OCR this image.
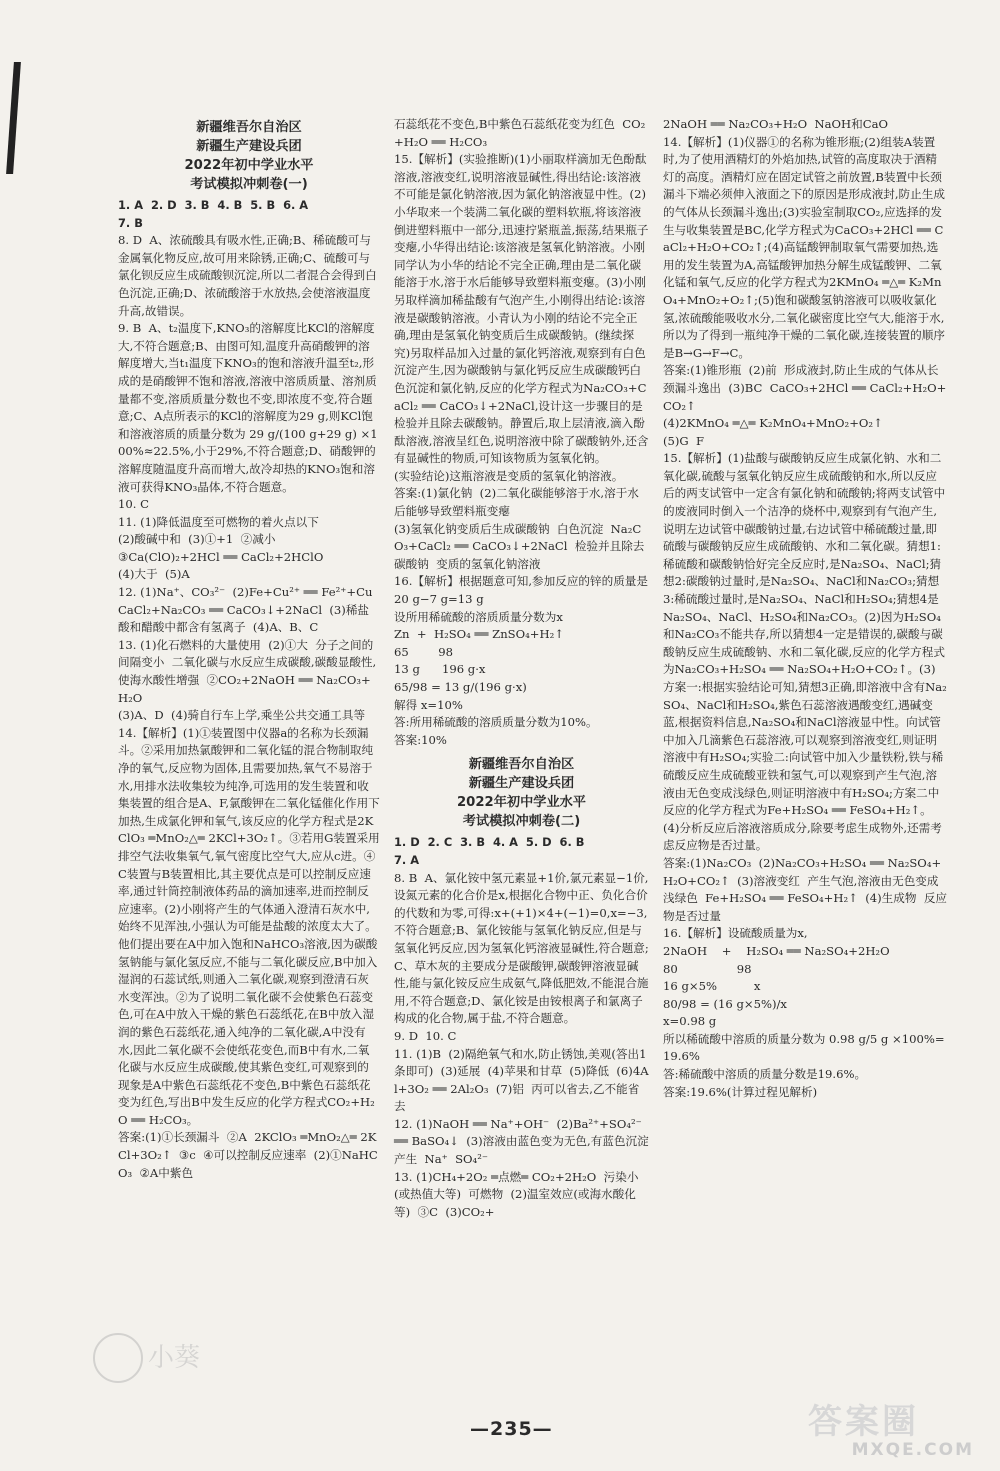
新疆维吾尔自治区
新疆生产建设兵团
2022年初中学业水平
考试模拟冲刺卷(一)

1. A  2. D  3. B  4. B  5. B  6. A
7. B

8. D  A、浓硫酸具有吸水性,正确;B、稀硫酸可与金属氧化物反应,故可用来除锈,正确;C、硫酸可与氯化钡反应生成硫酸钡沉淀,所以二者混合会得到白色沉淀,正确;D、浓硫酸溶于水放热,会使溶液温度升高,故错误。
9. B  A、t₂温度下,KNO₃的溶解度比KCl的溶解度大,不符合题意;B、由图可知,温度升高硝酸钾的溶解度增大,当t₁温度下KNO₃的饱和溶液升温至t₂,形成的是硝酸钾不饱和溶液,溶液中溶质质量、溶剂质量都不变,溶质质量分数也不变,即浓度不变,符合题意;C、A点所表示的KCl的溶解度为29 g,则KCl饱和溶液溶质的质量分数为 29 g/(100 g+29 g) ×100%≈22.5%,小于29%,不符合题意;D、硝酸钾的溶解度随温度升高而增大,故冷却热的KNO₃饱和溶液可获得KNO₃晶体,不符合题意。
10. C
11. (1)降低温度至可燃物的着火点以下
(2)酸碱中和  (3)①+1  ②减小
③Ca(ClO)₂+2HCl ══ CaCl₂+2HClO
(4)大于  (5)A
12. (1)Na⁺、CO₃²⁻  (2)Fe+Cu²⁺ ══ Fe²⁺+Cu  CaCl₂+Na₂CO₃ ══ CaCO₃↓+2NaCl  (3)稀盐酸和醋酸中都含有氢离子  (4)A、B、C
13. (1)化石燃料的大量使用  (2)①大  分子之间的间隔变小  二氧化碳与水反应生成碳酸,碳酸显酸性,使海水酸性增强  ②CO₂+2NaOH ══ Na₂CO₃+H₂O
(3)A、D  (4)骑自行车上学,乘坐公共交通工具等
14.【解析】(1)①装置图中仪器a的名称为长颈漏斗。②采用加热氯酸钾和二氧化锰的混合物制取纯净的氧气,反应物为固体,且需要加热,氧气不易溶于水,用排水法收集较为纯净,可选用的发生装置和收集装置的组合是A、F,氯酸钾在二氧化锰催化作用下加热,生成氯化钾和氧气,该反应的化学方程式是2KClO₃ ═MnO₂△═ 2KCl+3O₂↑。③若用G装置采用排空气法收集氧气,氧气密度比空气大,应从c进。④C装置与B装置相比,其主要优点是可以控制反应速率,通过针筒控制液体药品的滴加速率,进而控制反应速率。(2)小刚将产生的气体通入澄清石灰水中,始终不见浑浊,小强认为可能是盐酸的浓度太大了。他们提出要在A中加入饱和NaHCO₃溶液,因为碳酸氢钠能与氯化氢反应,不能与二氧化碳反应,B中加入湿润的石蕊试纸,则通入二氧化碳,观察到澄清石灰水变浑浊。②为了说明二氧化碳不会使紫色石蕊变色,可在A中放入干燥的紫色石蕊纸花,在B中放入湿润的紫色石蕊纸花,通入纯净的二氧化碳,A中没有水,因此二氧化碳不会使纸花变色,而B中有水,二氧化碳与水反应生成碳酸,使其紫色变红,可观察到的现象是A中紫色石蕊纸花不变色,B中紫色石蕊纸花变为红色,写出B中发生反应的化学方程式CO₂+H₂O ══ H₂CO₃。
答案:(1)①长颈漏斗  ②A  2KClO₃ ═MnO₂△═ 2KCl+3O₂↑  ③c  ④可以控制反应速率  (2)①NaHCO₃  ②A中紫色

石蕊纸花不变色,B中紫色石蕊纸花变为红色  CO₂+H₂O ══ H₂CO₃
15.【解析】(实验推断)(1)小丽取样滴加无色酚酞溶液,溶液变红,说明溶液显碱性,得出结论:该溶液不可能是氯化钠溶液,因为氯化钠溶液显中性。(2)小华取来一个装满二氧化碳的塑料软瓶,将该溶液倒进塑料瓶中一部分,迅速拧紧瓶盖,振荡,结果瓶子变瘪,小华得出结论:该溶液是氢氧化钠溶液。小刚同学认为小华的结论不完全正确,理由是二氧化碳能溶于水,溶于水后能够导致塑料瓶变瘪。(3)小刚另取样滴加稀盐酸有气泡产生,小刚得出结论:该溶液是碳酸钠溶液。小青认为小刚的结论不完全正确,理由是氢氧化钠变质后生成碳酸钠。(继续探究)另取样品加入过量的氯化钙溶液,观察到有白色沉淀产生,因为碳酸钠与氯化钙反应生成碳酸钙白色沉淀和氯化钠,反应的化学方程式为Na₂CO₃+CaCl₂ ══ CaCO₃↓+2NaCl,设计这一步骤目的是检验并且除去碳酸钠。静置后,取上层清液,滴入酚酞溶液,溶液呈红色,说明溶液中除了碳酸钠外,还含有显碱性的物质,可知该物质为氢氧化钠。
(实验结论)这瓶溶液是变质的氢氧化钠溶液。
答案:(1)氯化钠  (2)二氧化碳能够溶于水,溶于水后能够导致塑料瓶变瘪
(3)氢氧化钠变质后生成碳酸钠  白色沉淀  Na₂CO₃+CaCl₂ ══ CaCO₃↓+2NaCl  检验并且除去碳酸钠  变质的氢氧化钠溶液
16.【解析】根据题意可知,参加反应的锌的质量是20 g−7 g=13 g
设所用稀硫酸的溶质质量分数为x
Zn  +  H₂SO₄ ══ ZnSO₄+H₂↑
65        98
13 g      196 g·x
65/98 = 13 g/(196 g·x)
解得 x=10%
答:所用稀硫酸的溶质质量分数为10%。
答案:10%

新疆维吾尔自治区
新疆生产建设兵团
2022年初中学业水平
考试模拟冲刺卷(二)

1. D  2. C  3. B  4. A  5. D  6. B
7. A

8. B  A、氯化铵中氢元素显+1价,氯元素显−1价,设氮元素的化合价是x,根据化合物中正、负化合价的代数和为零,可得:x+(+1)×4+(−1)=0,x=−3,不符合题意;B、氯化铵能与氢氧化钠反应,但是与氢氧化钙反应,因为氢氧化钙溶液显碱性,符合题意;C、草木灰的主要成分是碳酸钾,碳酸钾溶液显碱性,能与氯化铵反应生成氨气,降低肥效,不能混合施用,不符合题意;D、氯化铵是由铵根离子和氯离子构成的化合物,属于盐,不符合题意。
9. D  10. C
11. (1)B  (2)隔绝氧气和水,防止锈蚀,美观(答出1条即可)  (3)延展  (4)苹果和甘草  (5)降低  (6)4Al+3O₂ ══ 2Al₂O₃  (7)铝  丙可以省去,乙不能省去
12. (1)NaOH ══ Na⁺+OH⁻  (2)Ba²⁺+SO₄²⁻ ══ BaSO₄↓  (3)溶液由蓝色变为无色,有蓝色沉淀产生  Na⁺  SO₄²⁻
13. (1)CH₄+2O₂ ═点燃═ CO₂+2H₂O  污染小(或热值大等)  可燃物  (2)温室效应(或海水酸化等)  ③C  (3)CO₂+

2NaOH ══ Na₂CO₃+H₂O  NaOH和CaO
14.【解析】(1)仪器①的名称为锥形瓶;(2)组装A装置时,为了使用酒精灯的外焰加热,试管的高度取决于酒精灯的高度。酒精灯应在固定试管之前放置,B装置中长颈漏斗下端必须伸入液面之下的原因是形成液封,防止生成的气体从长颈漏斗逸出;(3)实验室制取CO₂,应选择的发生与收集装置是BC,化学方程式为CaCO₃+2HCl ══ CaCl₂+H₂O+CO₂↑;(4)高锰酸钾制取氧气需要加热,选用的发生装置为A,高锰酸钾加热分解生成锰酸钾、二氧化锰和氧气,反应的化学方程式为2KMnO₄ ═△═ K₂MnO₄+MnO₂+O₂↑;(5)饱和碳酸氢钠溶液可以吸收氯化氢,浓硫酸能吸收水分,二氧化碳密度比空气大,能溶于水,所以为了得到一瓶纯净干燥的二氧化碳,连接装置的顺序是B→G→F→C。
答案:(1)锥形瓶  (2)前  形成液封,防止生成的气体从长颈漏斗逸出  (3)BC  CaCO₃+2HCl ══ CaCl₂+H₂O+CO₂↑
(4)2KMnO₄ ═△═ K₂MnO₄+MnO₂+O₂↑
(5)G  F
15.【解析】(1)盐酸与碳酸钠反应生成氯化钠、水和二氧化碳,硫酸与氢氧化钠反应生成硫酸钠和水,所以反应后的两支试管中一定含有氯化钠和硫酸钠;将两支试管中的废液同时倒入一个洁净的烧杯中,观察到有气泡产生,说明左边试管中碳酸钠过量,右边试管中稀硫酸过量,即硫酸与碳酸钠反应生成硫酸钠、水和二氧化碳。猜想1:稀硫酸和碳酸钠恰好完全反应时,是Na₂SO₄、NaCl;猜想2:碳酸钠过量时,是Na₂SO₄、NaCl和Na₂CO₃;猜想3:稀硫酸过量时,是Na₂SO₄、NaCl和H₂SO₄;猜想4是Na₂SO₄、NaCl、H₂SO₄和Na₂CO₃。(2)因为H₂SO₄和Na₂CO₃不能共存,所以猜想4一定是错误的,碳酸与碳酸钠反应生成硫酸钠、水和二氧化碳,反应的化学方程式为Na₂CO₃+H₂SO₄ ══ Na₂SO₄+H₂O+CO₂↑。(3)方案一:根据实验结论可知,猜想3正确,即溶液中含有Na₂SO₄、NaCl和H₂SO₄,紫色石蕊溶液遇酸变红,遇碱变蓝,根据资料信息,Na₂SO₄和NaCl溶液显中性。向试管中加入几滴紫色石蕊溶液,可以观察到溶液变红,则证明溶液中有H₂SO₄;实验二:向试管中加入少量铁粉,铁与稀硫酸反应生成硫酸亚铁和氢气,可以观察到产生气泡,溶液由无色变成浅绿色,则证明溶液中有H₂SO₄;方案二中反应的化学方程式为Fe+H₂SO₄ ══ FeSO₄+H₂↑。(4)分析反应后溶液溶质成分,除要考虑生成物外,还需考虑反应物是否过量。
答案:(1)Na₂CO₃  (2)Na₂CO₃+H₂SO₄ ══ Na₂SO₄+H₂O+CO₂↑  (3)溶液变红  产生气泡,溶液由无色变成浅绿色  Fe+H₂SO₄ ══ FeSO₄+H₂↑  (4)生成物  反应物是否过量
16.【解析】设硫酸质量为x,
2NaOH    +    H₂SO₄ ══ Na₂SO₄+2H₂O
80                98
16 g×5%          x
80/98 = (16 g×5%)/x
x=0.98 g
所以稀硫酸中溶质的质量分数为 0.98 g/5 g ×100%=19.6%
答:稀硫酸中溶质的质量分数是19.6%。
答案:19.6%(计算过程见解析)

小葵
—235—	答案圈
MXQE.COM
